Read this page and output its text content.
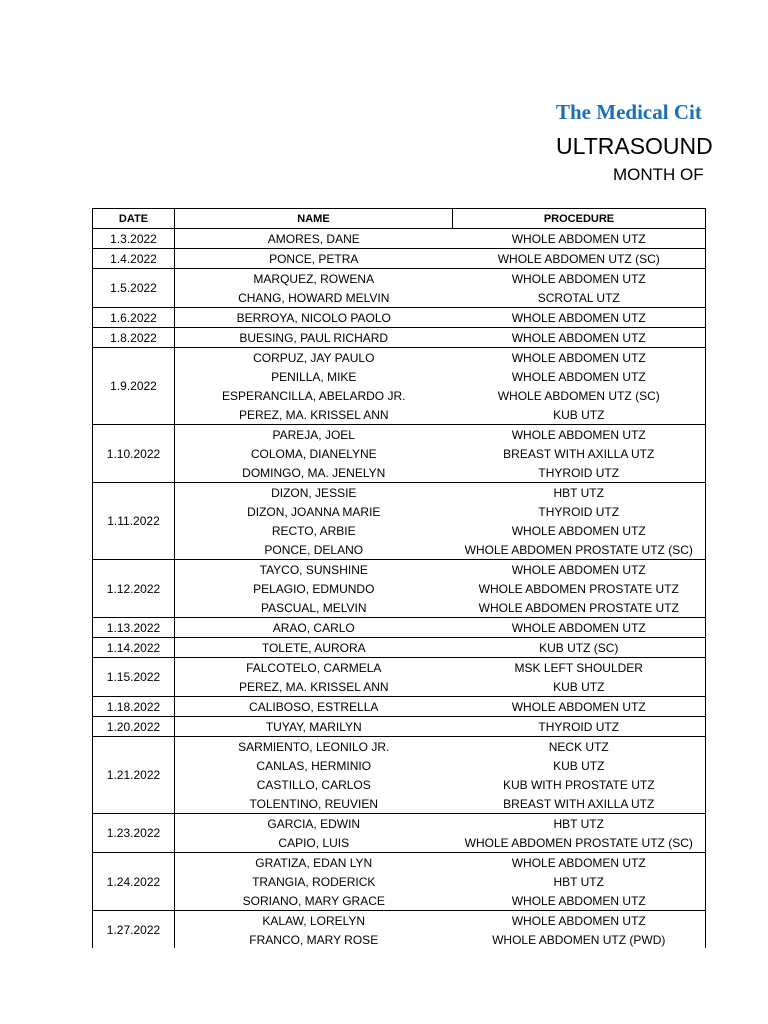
The Medical Cit
ULTRASOUND
MONTH OF
DATE	NAME	PROCEDURE
1.3.2022	AMORES, DANE	WHOLE ABDOMEN UTZ
1.4.2022	PONCE, PETRA	WHOLE ABDOMEN UTZ (SC)
1.5.2022	MARQUEZ, ROWENA	WHOLE ABDOMEN UTZ
	CHANG, HOWARD MELVIN	SCROTAL UTZ
1.6.2022	BERROYA, NICOLO PAOLO	WHOLE ABDOMEN UTZ
1.8.2022	BUESING, PAUL RICHARD	WHOLE ABDOMEN UTZ
1.9.2022	CORPUZ, JAY PAULO	WHOLE ABDOMEN UTZ
	PENILLA, MIKE	WHOLE ABDOMEN UTZ
	ESPERANCILLA, ABELARDO JR.	WHOLE ABDOMEN UTZ (SC)
	PEREZ, MA. KRISSEL ANN	KUB UTZ
1.10.2022	PAREJA, JOEL	WHOLE ABDOMEN UTZ
	COLOMA, DIANELYNE	BREAST WITH AXILLA UTZ
	DOMINGO, MA. JENELYN	THYROID UTZ
1.11.2022	DIZON, JESSIE	HBT UTZ
	DIZON, JOANNA MARIE	THYROID UTZ
	RECTO, ARBIE	WHOLE ABDOMEN UTZ
	PONCE, DELANO	WHOLE ABDOMEN PROSTATE UTZ (SC)
1.12.2022	TAYCO, SUNSHINE	WHOLE ABDOMEN UTZ
	PELAGIO, EDMUNDO	WHOLE ABDOMEN PROSTATE UTZ
	PASCUAL, MELVIN	WHOLE ABDOMEN PROSTATE UTZ
1.13.2022	ARAO, CARLO	WHOLE ABDOMEN UTZ
1.14.2022	TOLETE, AURORA	KUB UTZ (SC)
1.15.2022	FALCOTELO, CARMELA	MSK LEFT SHOULDER
	PEREZ, MA. KRISSEL ANN	KUB UTZ
1.18.2022	CALIBOSO, ESTRELLA	WHOLE ABDOMEN UTZ
1.20.2022	TUYAY, MARILYN	THYROID UTZ
1.21.2022	SARMIENTO, LEONILO JR.	NECK UTZ
	CANLAS, HERMINIO	KUB UTZ
	CASTILLO, CARLOS	KUB WITH PROSTATE UTZ
	TOLENTINO, REUVIEN	BREAST WITH AXILLA UTZ
1.23.2022	GARCIA, EDWIN	HBT UTZ
	CAPIO, LUIS	WHOLE ABDOMEN PROSTATE UTZ (SC)
1.24.2022	GRATIZA, EDAN LYN	WHOLE ABDOMEN UTZ
	TRANGIA, RODERICK	HBT UTZ
	SORIANO, MARY GRACE	WHOLE ABDOMEN UTZ
1.27.2022	KALAW, LORELYN	WHOLE ABDOMEN UTZ
	FRANCO, MARY ROSE	WHOLE ABDOMEN UTZ (PWD)
